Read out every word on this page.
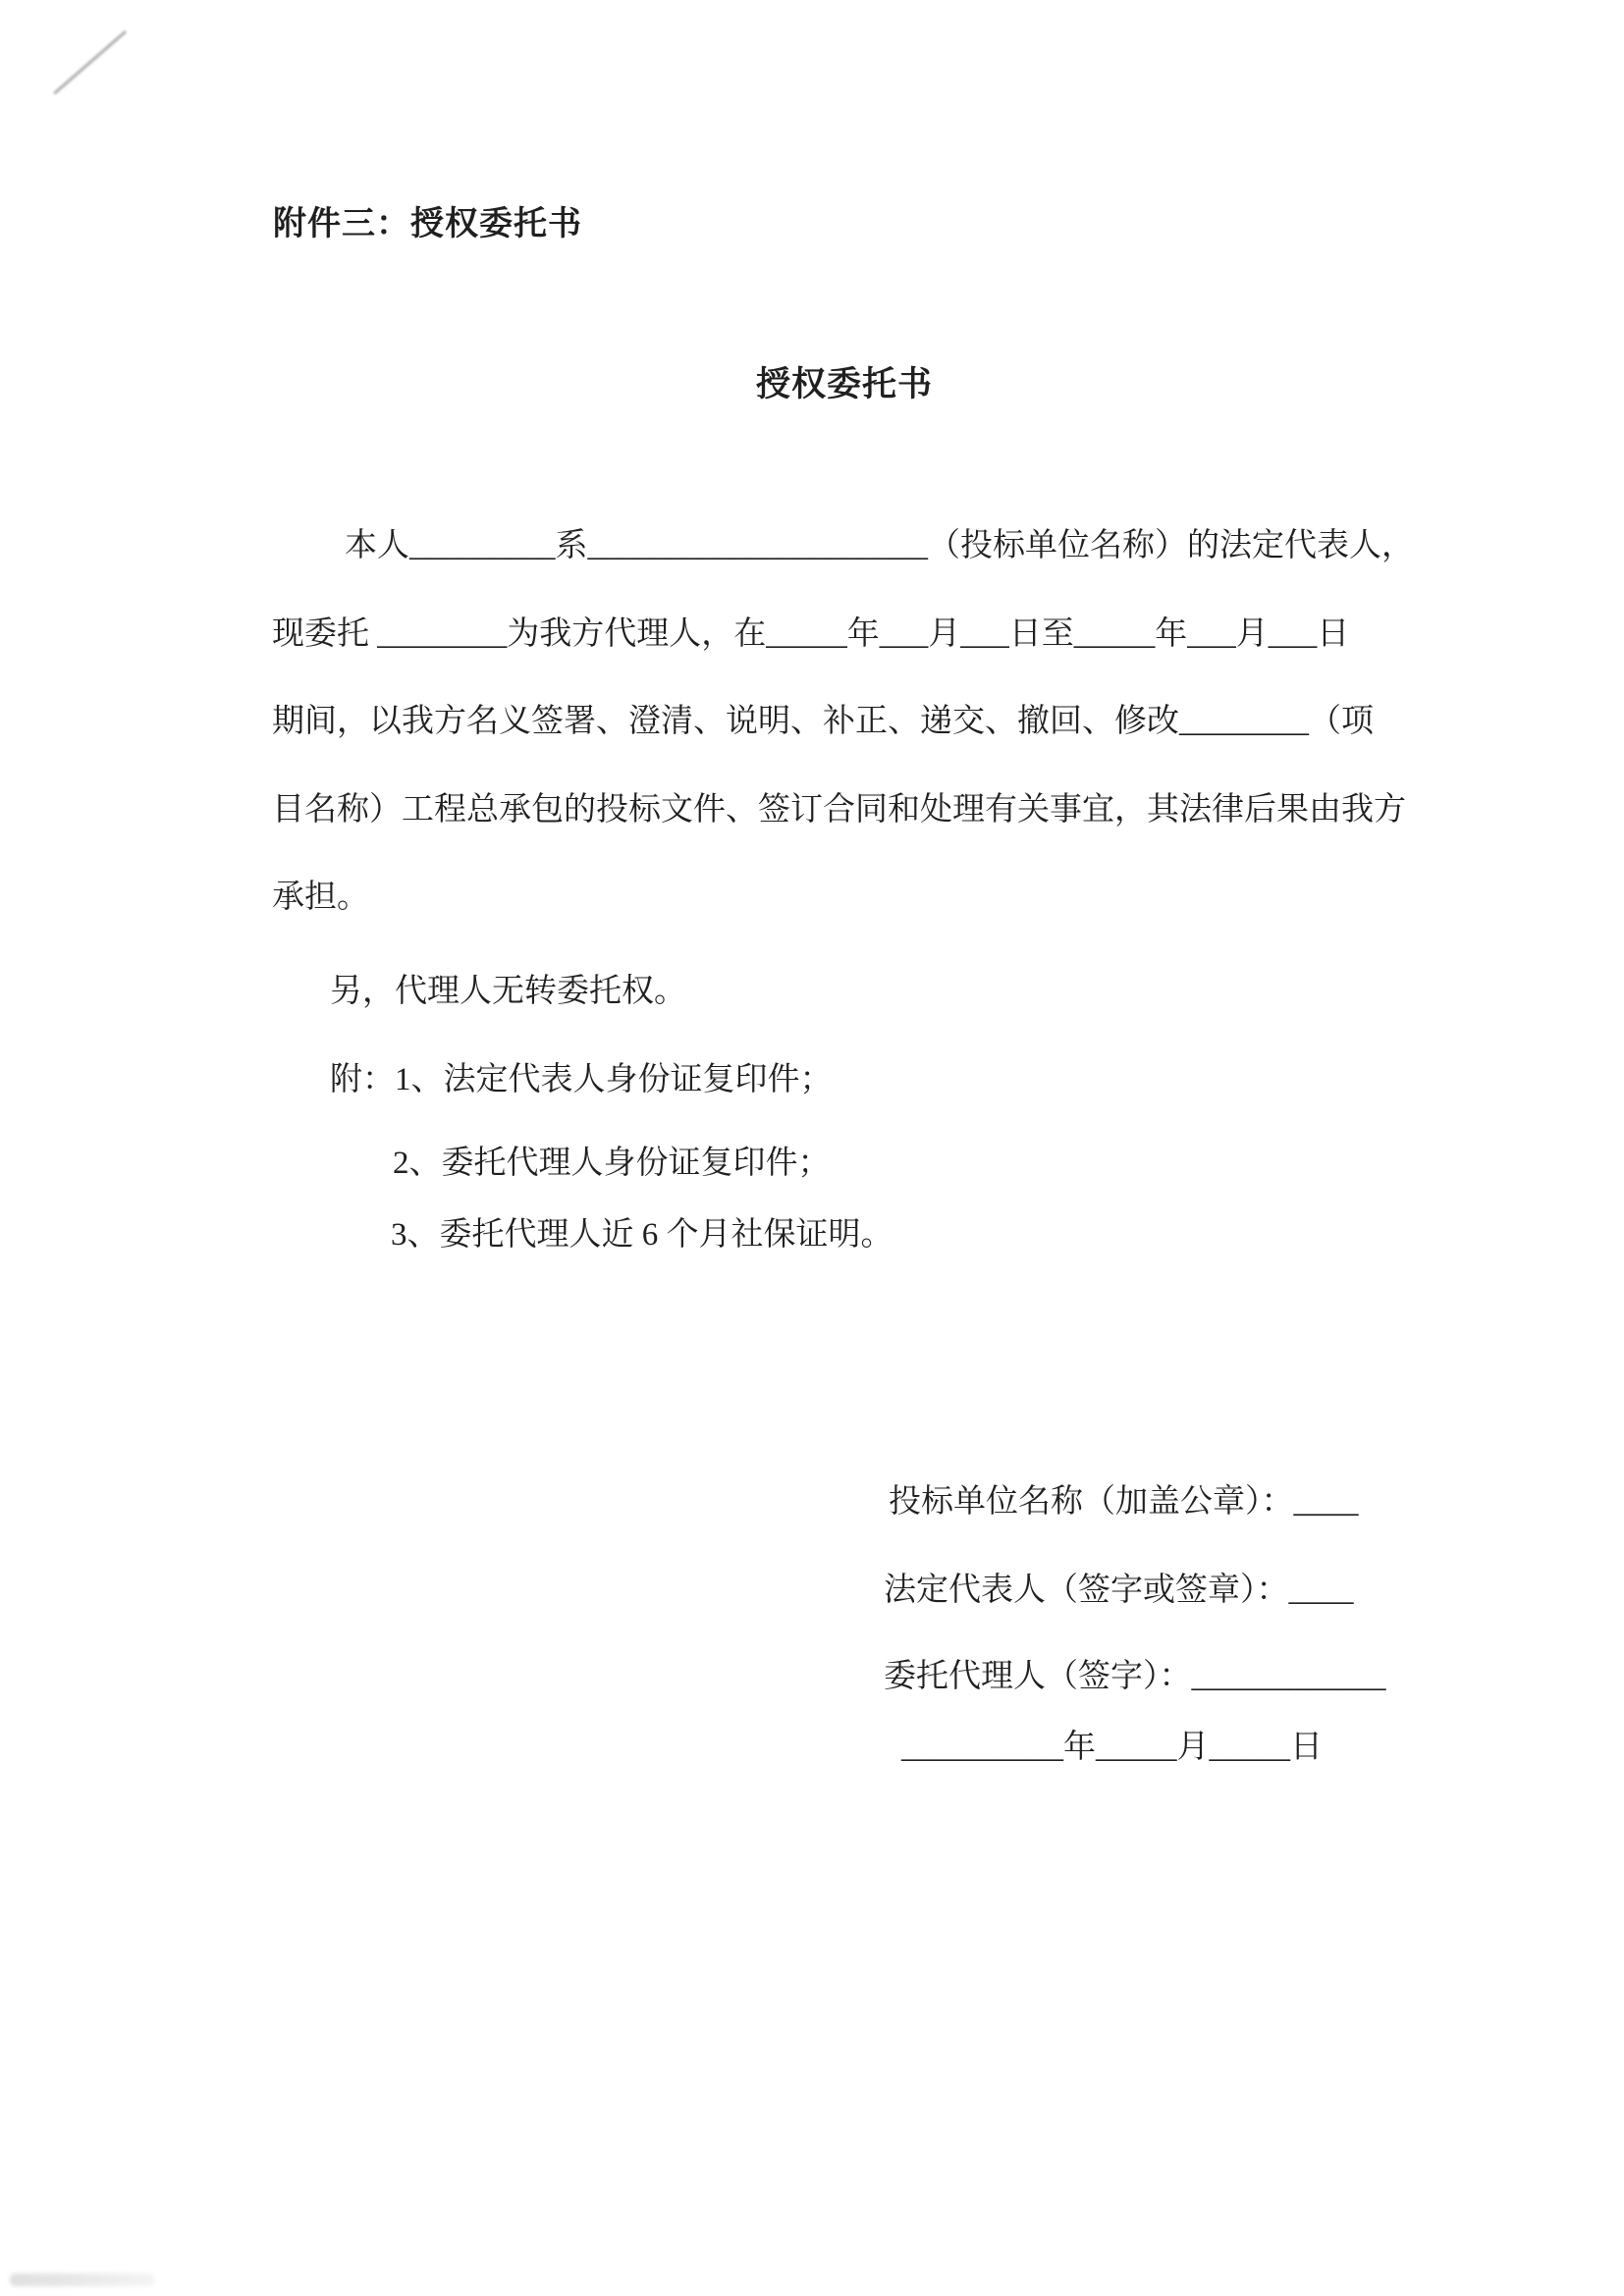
附件三：授权委托书
授权委托书
本人_________系_____________________（投标单位名称）的法定代表人，
现委托 ________为我方代理人，在_____年___月___日至_____年___月___日
期间，以我方名义签署、澄清、说明、补正、递交、撤回、修改________（项
目名称）工程总承包的投标文件、签订合同和处理有关事宜，其法律后果由我方
承担。
另，代理人无转委托权。
附：1、法定代表人身份证复印件；
2、委托代理人身份证复印件；
3、委托代理人近 6 个月社保证明。
投标单位名称（加盖公章）：____
法定代表人（签字或签章）：____
委托代理人（签字）：____________
__________年_____月_____日
